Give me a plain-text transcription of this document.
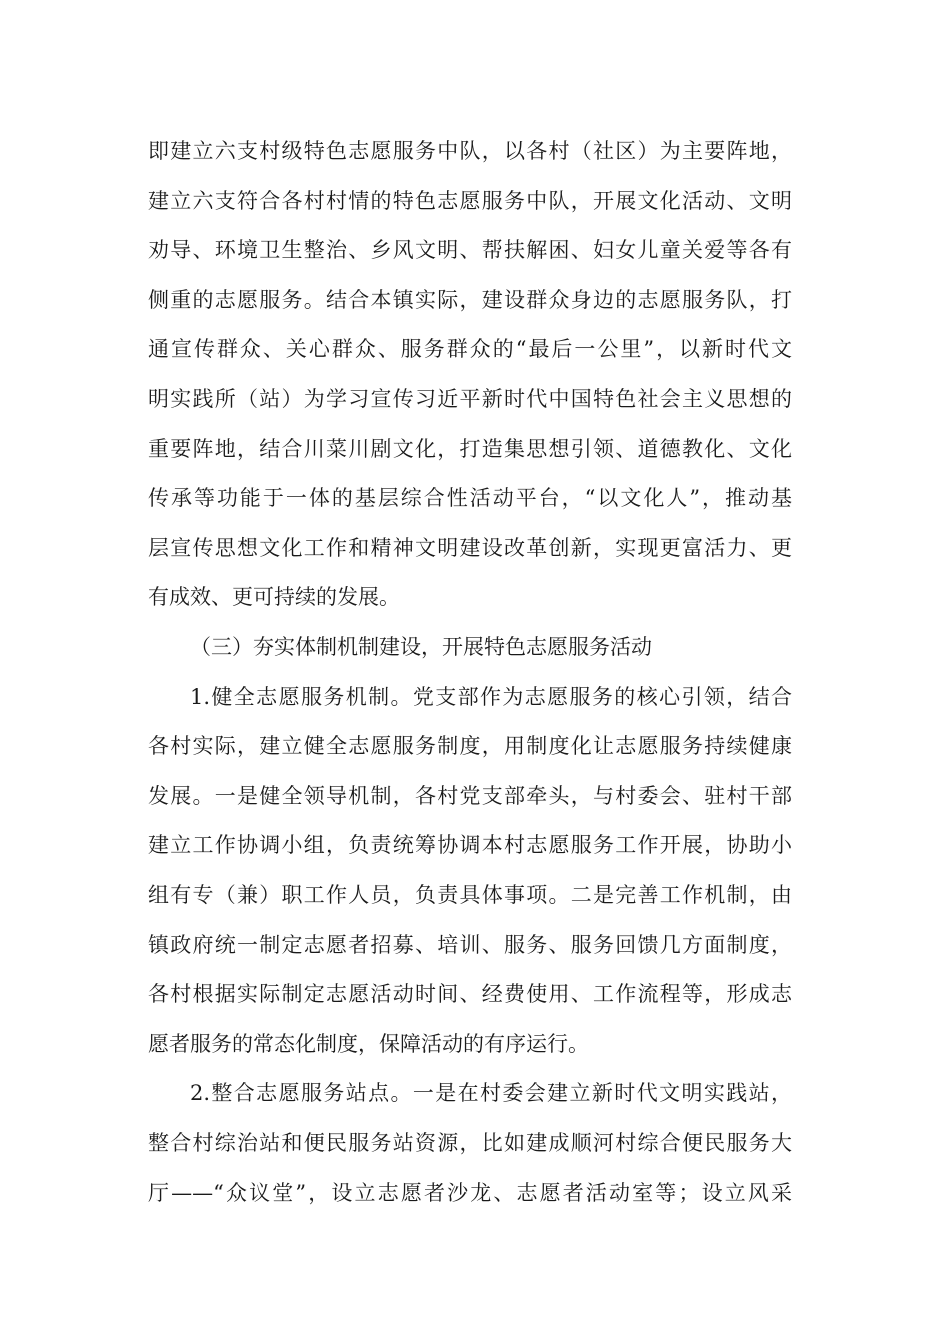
即建立六支村级特色志愿服务中队，以各村（社区）为主要阵地，
建立六支符合各村村情的特色志愿服务中队，开展文化活动、文明
劝导、环境卫生整治、乡风文明、帮扶解困、妇女儿童关爱等各有
侧重的志愿服务。结合本镇实际，建设群众身边的志愿服务队，打
通宣传群众、关心群众、服务群众的“最后一公里”，以新时代文
明实践所（站）为学习宣传习近平新时代中国特色社会主义思想的
重要阵地，结合川菜川剧文化，打造集思想引领、道德教化、文化
传承等功能于一体的基层综合性活动平台，“以文化人”，推动基
层宣传思想文化工作和精神文明建设改革创新，实现更富活力、更
有成效、更可持续的发展。
（三）夯实体制机制建设，开展特色志愿服务活动
1.健全志愿服务机制。党支部作为志愿服务的核心引领，结合
各村实际，建立健全志愿服务制度，用制度化让志愿服务持续健康
发展。一是健全领导机制，各村党支部牵头，与村委会、驻村干部
建立工作协调小组，负责统筹协调本村志愿服务工作开展，协助小
组有专（兼）职工作人员，负责具体事项。二是完善工作机制，由
镇政府统一制定志愿者招募、培训、服务、服务回馈几方面制度，
各村根据实际制定志愿活动时间、经费使用、工作流程等，形成志
愿者服务的常态化制度，保障活动的有序运行。
2.整合志愿服务站点。一是在村委会建立新时代文明实践站，
整合村综治站和便民服务站资源，比如建成顺河村综合便民服务大
厅——“众议堂”，设立志愿者沙龙、志愿者活动室等；设立风采
